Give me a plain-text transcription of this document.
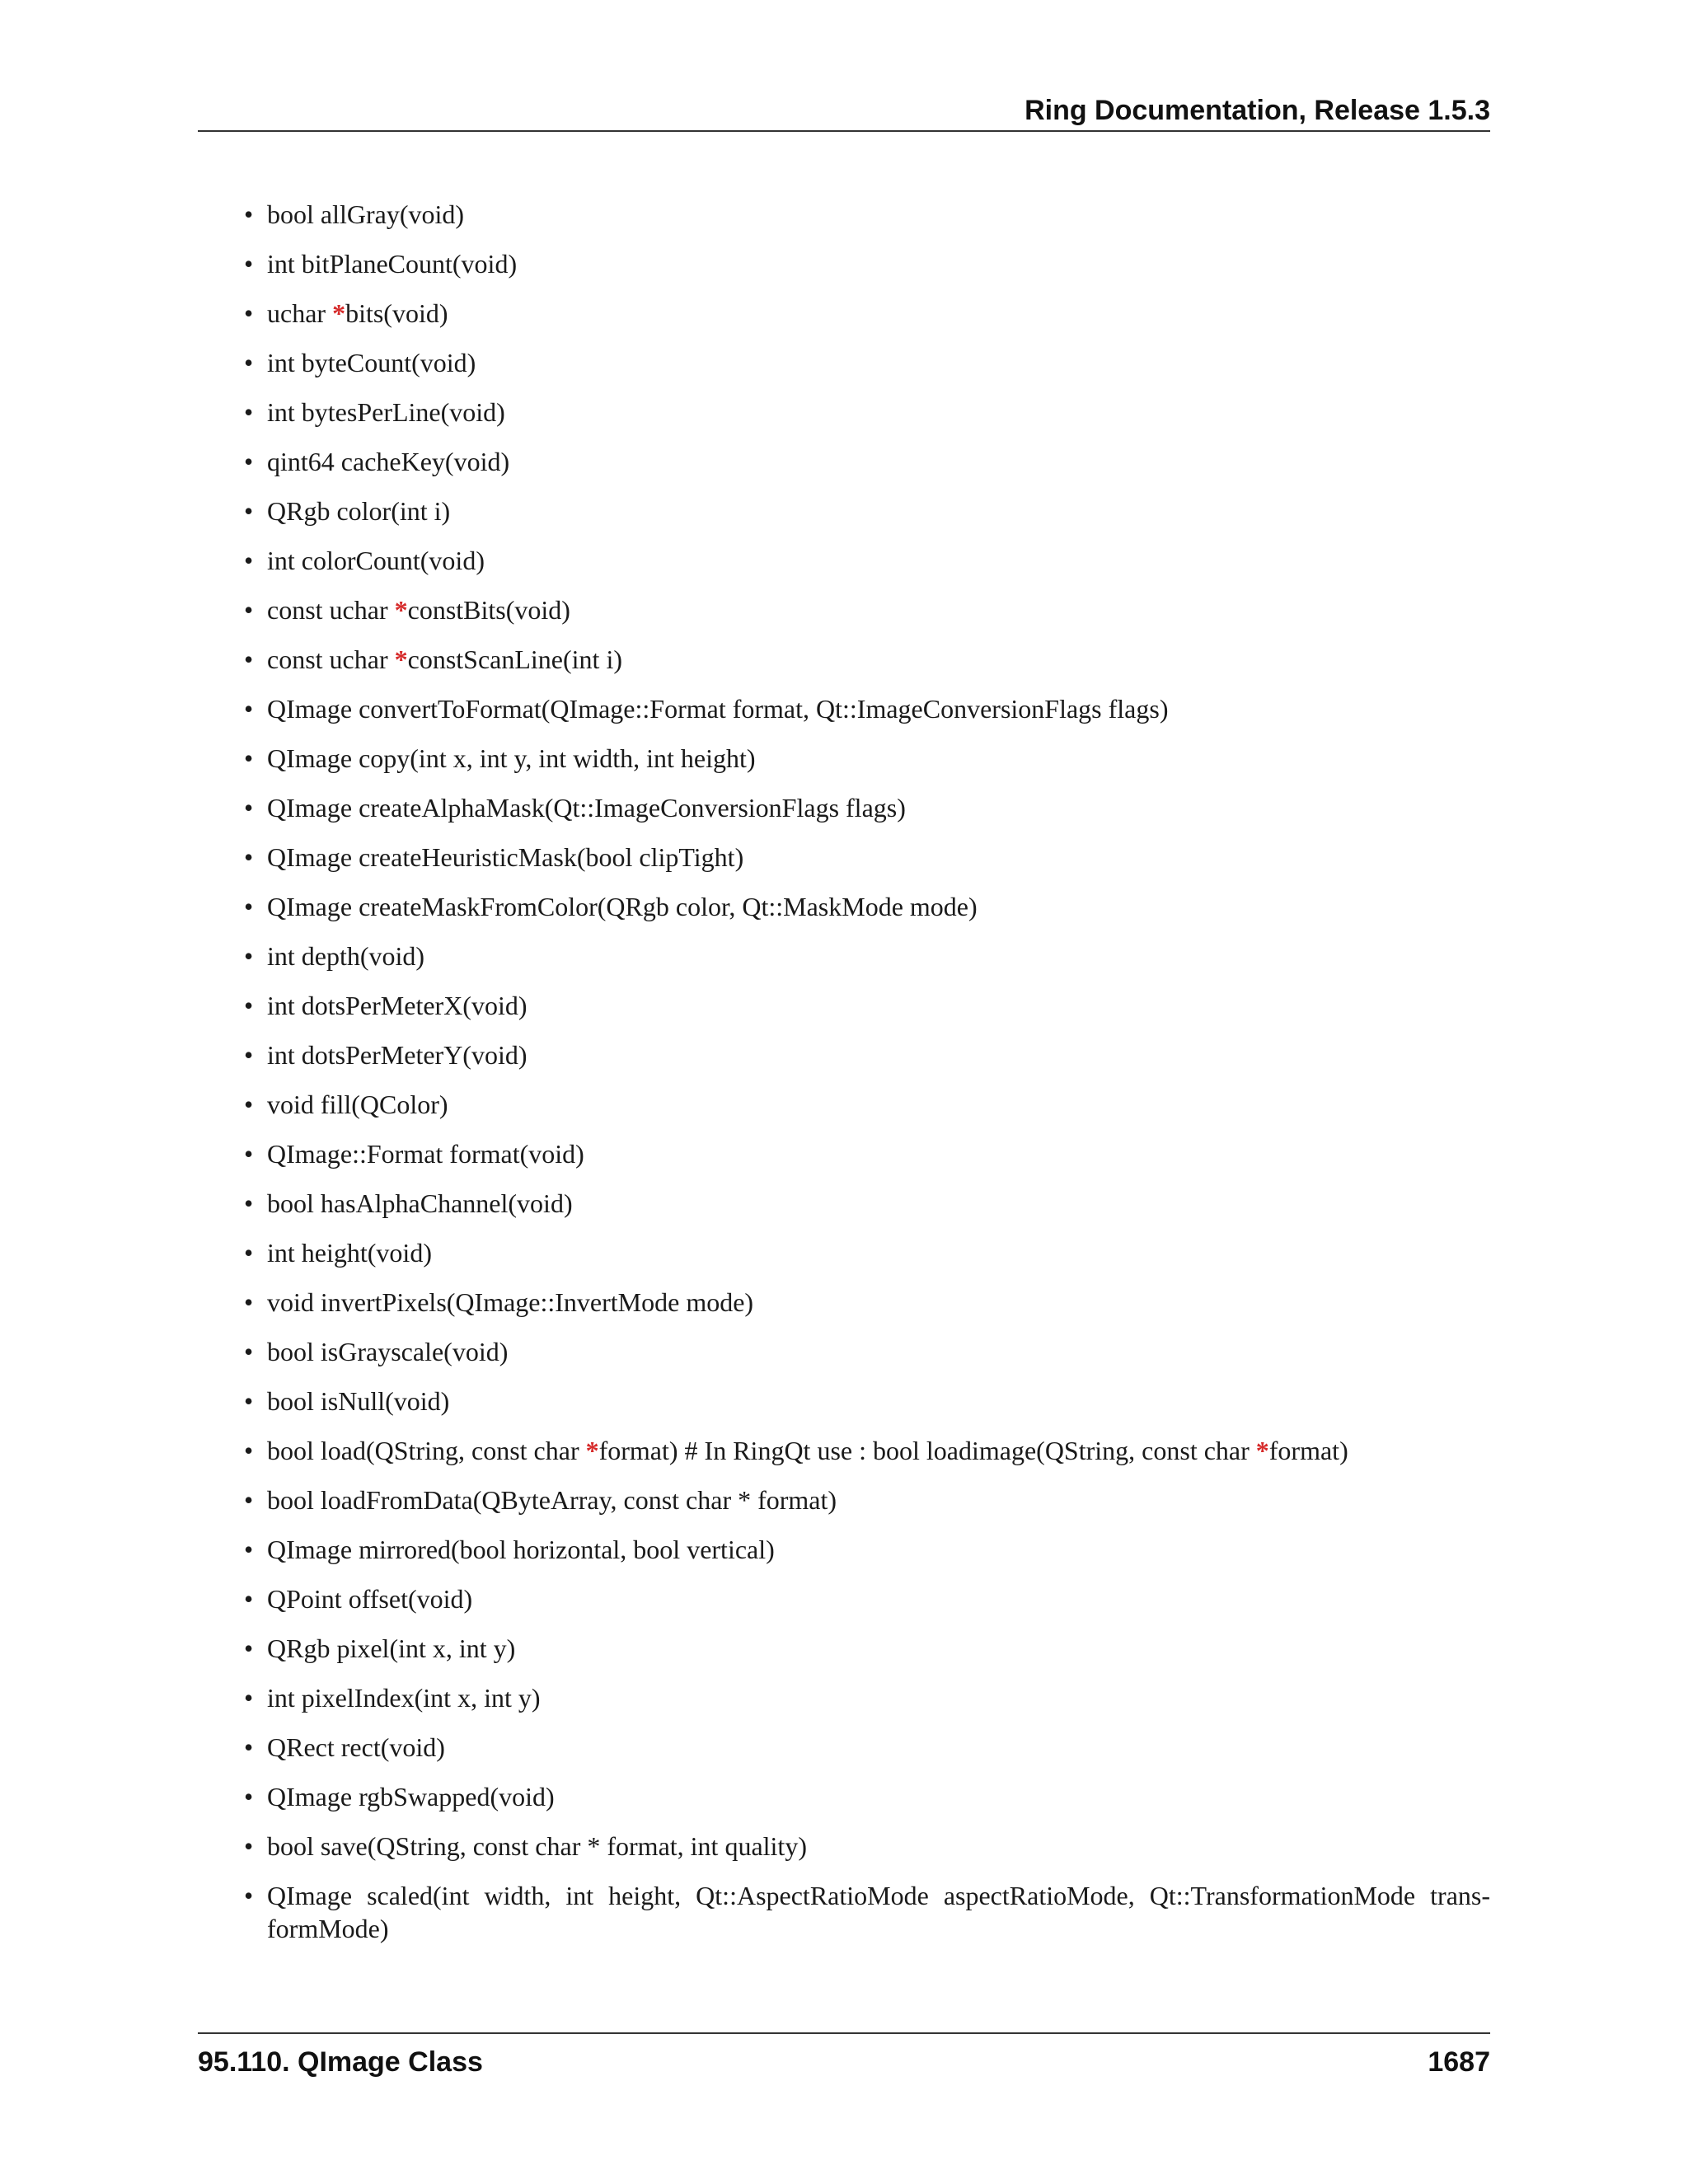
Ring Documentation, Release 1.5.3
• bool allGray(void)
• int bitPlaneCount(void)
• uchar *bits(void)
• int byteCount(void)
• int bytesPerLine(void)
• qint64 cacheKey(void)
• QRgb color(int i)
• int colorCount(void)
• const uchar *constBits(void)
• const uchar *constScanLine(int i)
• QImage convertToFormat(QImage::Format format, Qt::ImageConversionFlags flags)
• QImage copy(int x, int y, int width, int height)
• QImage createAlphaMask(Qt::ImageConversionFlags flags)
• QImage createHeuristicMask(bool clipTight)
• QImage createMaskFromColor(QRgb color, Qt::MaskMode mode)
• int depth(void)
• int dotsPerMeterX(void)
• int dotsPerMeterY(void)
• void fill(QColor)
• QImage::Format format(void)
• bool hasAlphaChannel(void)
• int height(void)
• void invertPixels(QImage::InvertMode mode)
• bool isGrayscale(void)
• bool isNull(void)
• bool load(QString, const char *format) # In RingQt use : bool loadimage(QString, const char *format)
• bool loadFromData(QByteArray, const char * format)
• QImage mirrored(bool horizontal, bool vertical)
• QPoint offset(void)
• QRgb pixel(int x, int y)
• int pixelIndex(int x, int y)
• QRect rect(void)
• QImage rgbSwapped(void)
• bool save(QString, const char * format, int quality)
• QImage scaled(int width, int height, Qt::AspectRatioMode aspectRatioMode, Qt::TransformationMode trans- formMode)
95.110. QImage Class	1687
